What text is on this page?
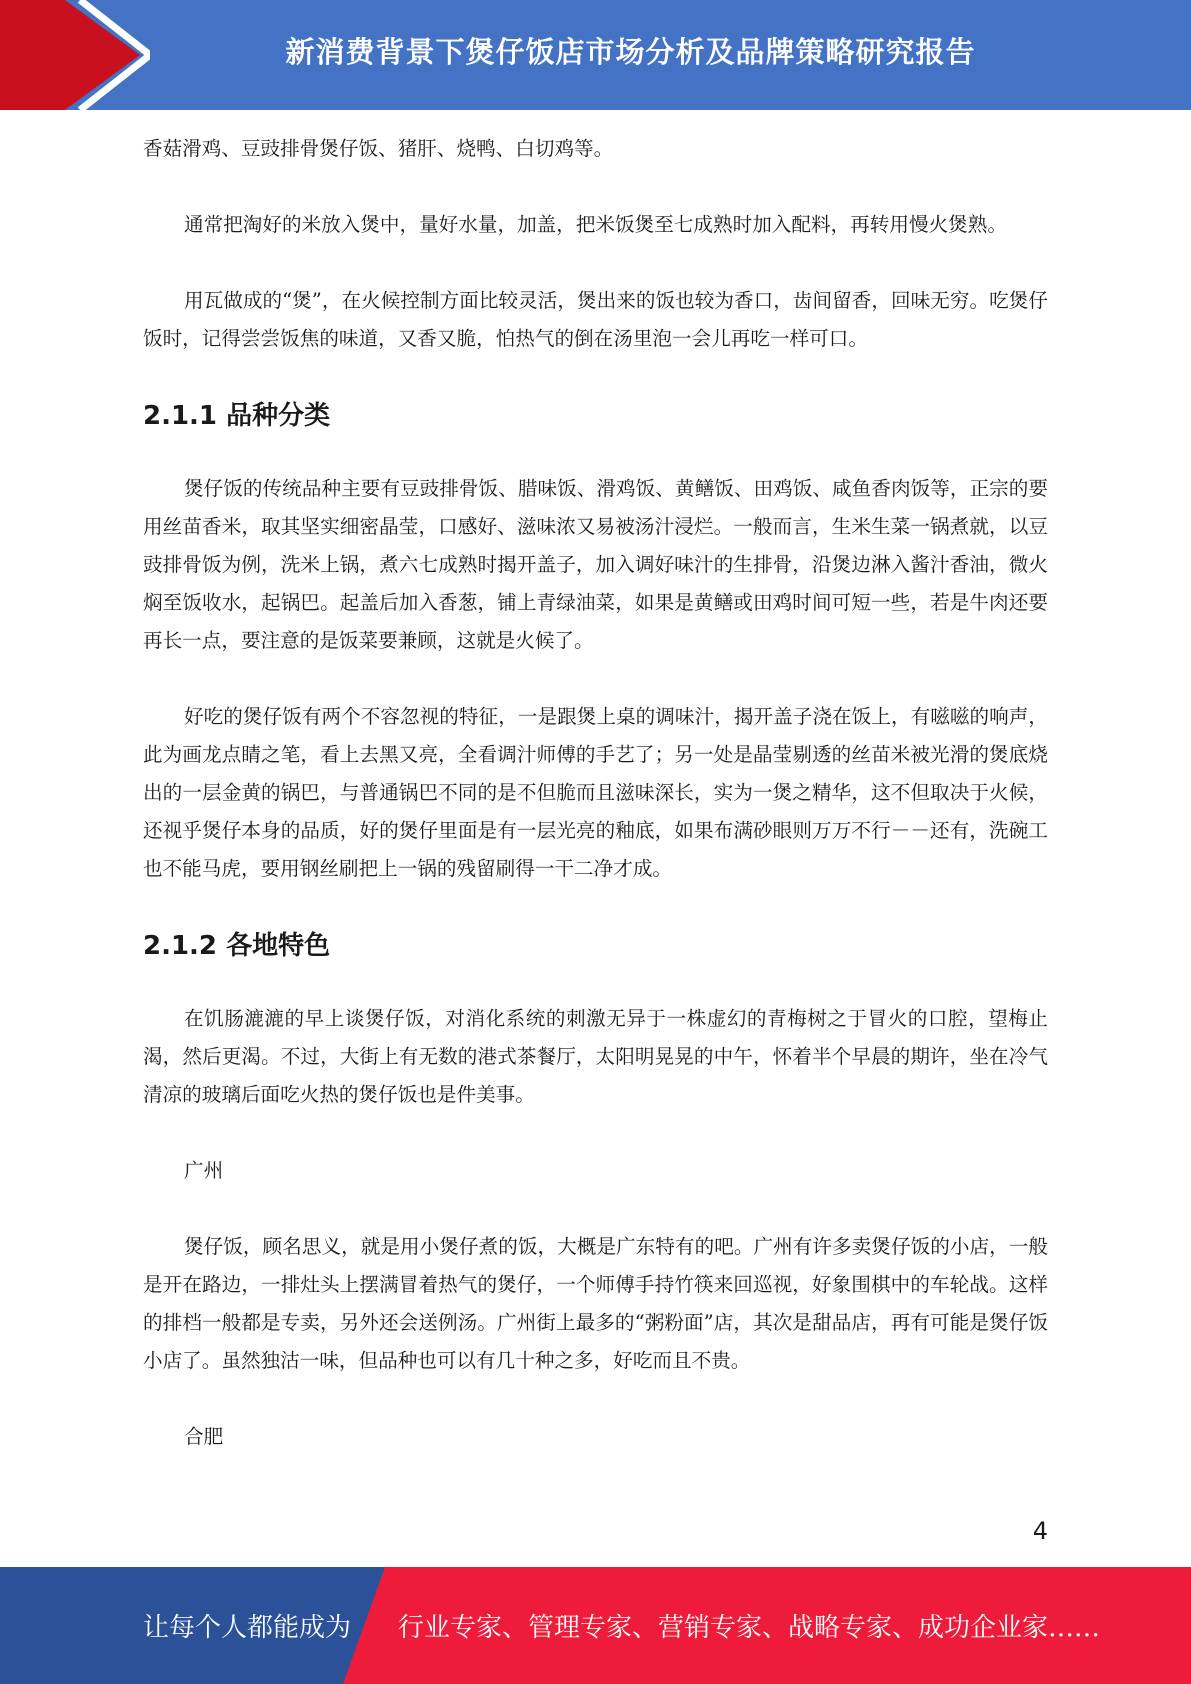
新消费背景下煲仔饭店市场分析及品牌策略研究报告

香菇滑鸡、豆豉排骨煲仔饭、猪肝、烧鸭、白切鸡等。

通常把淘好的米放入煲中，量好水量，加盖，把米饭煲至七成熟时加入配料，再转用慢火煲熟。

用瓦做成的“煲”，在火候控制方面比较灵活，煲出来的饭也较为香口，齿间留香，回味无穷。吃煲仔饭时，记得尝尝饭焦的味道，又香又脆，怕热气的倒在汤里泡一会儿再吃一样可口。

2.1.1 品种分类

煲仔饭的传统品种主要有豆豉排骨饭、腊味饭、滑鸡饭、黄鳝饭、田鸡饭、咸鱼香肉饭等，正宗的要用丝苗香米，取其坚实细密晶莹，口感好、滋味浓又易被汤汁浸烂。一般而言，生米生菜一锅煮就，以豆豉排骨饭为例，洗米上锅，煮六七成熟时揭开盖子，加入调好味汁的生排骨，沿煲边淋入酱汁香油，微火焖至饭收水，起锅巴。起盖后加入香葱，铺上青绿油菜，如果是黄鳝或田鸡时间可短一些，若是牛肉还要再长一点，要注意的是饭菜要兼顾，这就是火候了。

好吃的煲仔饭有两个不容忽视的特征，一是跟煲上桌的调味汁，揭开盖子浇在饭上，有嗞嗞的响声，此为画龙点睛之笔，看上去黑又亮，全看调汁师傅的手艺了；另一处是晶莹剔透的丝苗米被光滑的煲底烧出的一层金黄的锅巴，与普通锅巴不同的是不但脆而且滋味深长，实为一煲之精华，这不但取决于火候，还视乎煲仔本身的品质，好的煲仔里面是有一层光亮的釉底，如果布满砂眼则万万不行－－还有，洗碗工也不能马虎，要用钢丝刷把上一锅的残留刷得一干二净才成。

2.1.2 各地特色

在饥肠漉漉的早上谈煲仔饭，对消化系统的刺激无异于一株虚幻的青梅树之于冒火的口腔，望梅止渴，然后更渴。不过，大街上有无数的港式茶餐厅，太阳明晃晃的中午，怀着半个早晨的期许，坐在冷气清凉的玻璃后面吃火热的煲仔饭也是件美事。

广州

煲仔饭，顾名思义，就是用小煲仔煮的饭，大概是广东特有的吧。广州有许多卖煲仔饭的小店，一般是开在路边，一排灶头上摆满冒着热气的煲仔，一个师傅手持竹筷来回巡视，好象围棋中的车轮战。这样的排档一般都是专卖，另外还会送例汤。广州街上最多的“粥粉面”店，其次是甜品店，再有可能是煲仔饭小店了。虽然独沽一味，但品种也可以有几十种之多，好吃而且不贵。

合肥

4
让每个人都能成为 行业专家、管理专家、营销专家、战略专家、成功企业家……
